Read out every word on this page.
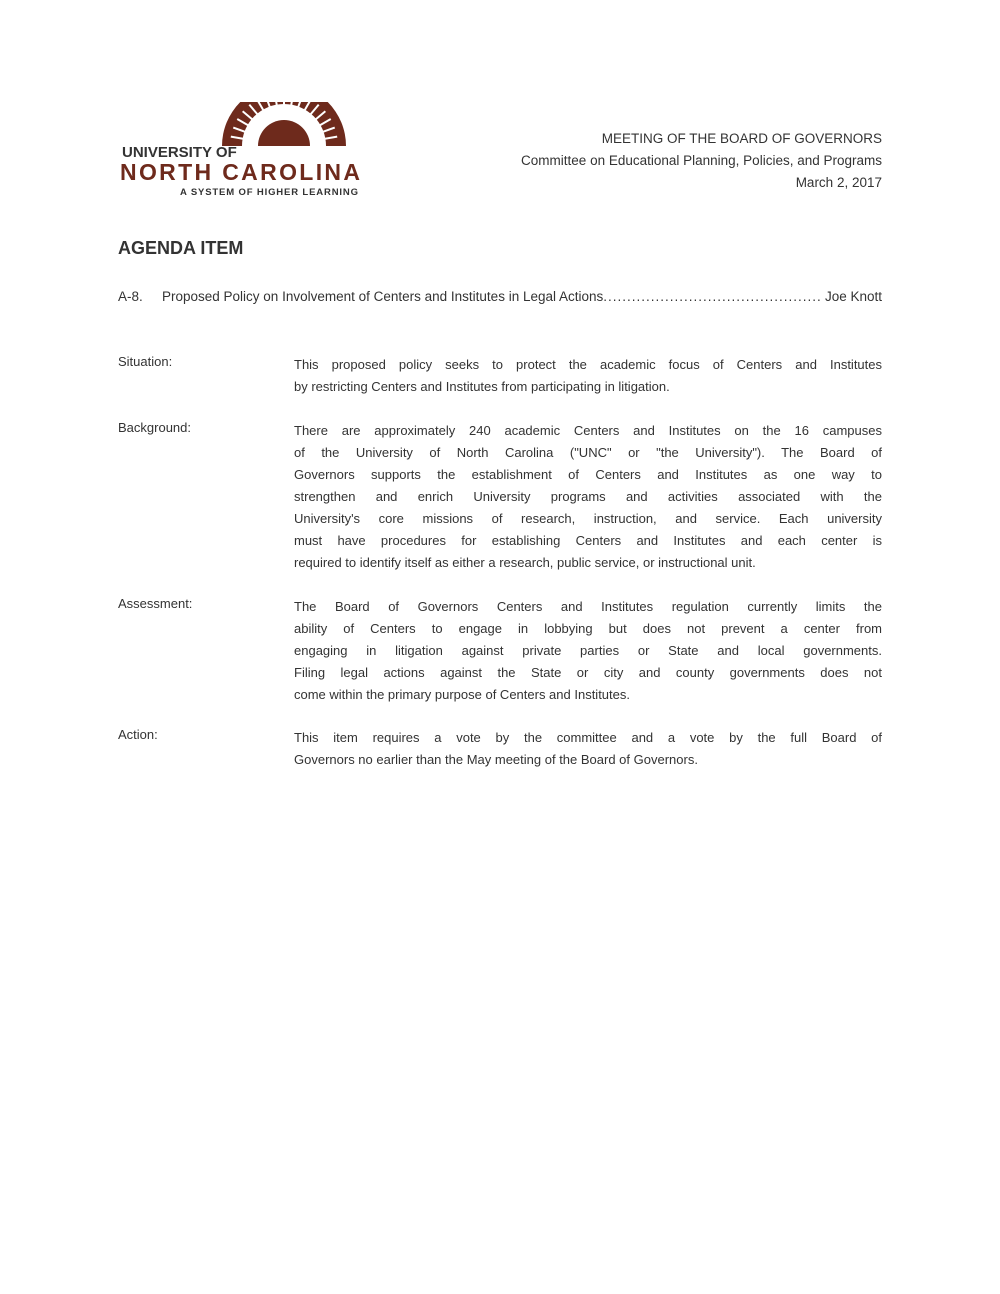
UNIVERSITY OF
NORTH CAROLINA
A SYSTEM OF HIGHER LEARNING
MEETING OF THE BOARD OF GOVERNORS
Committee on Educational Planning, Policies, and Programs
March 2, 2017
AGENDA ITEM
A-8.	Proposed Policy on Involvement of Centers and Institutes in Legal Actions .............................................. Joe Knott
Situation:	This proposed policy seeks to protect the academic focus of Centers and Institutes
by restricting Centers and Institutes from participating in litigation.
Background:	There are approximately 240 academic Centers and Institutes on the 16 campuses
of the University of North Carolina ("UNC" or "the University"). The Board of
Governors supports the establishment of Centers and Institutes as one way to
strengthen and enrich University programs and activities associated with the
University's core missions of research, instruction, and service. Each university
must have procedures for establishing Centers and Institutes and each center is
required to identify itself as either a research, public service, or instructional unit.
Assessment:	The Board of Governors Centers and Institutes regulation currently limits the
ability of Centers to engage in lobbying but does not prevent a center from
engaging in litigation against private parties or State and local governments.
Filing legal actions against the State or city and county governments does not
come within the primary purpose of Centers and Institutes.
Action:	This item requires a vote by the committee and a vote by the full Board of
Governors no earlier than the May meeting of the Board of Governors.
